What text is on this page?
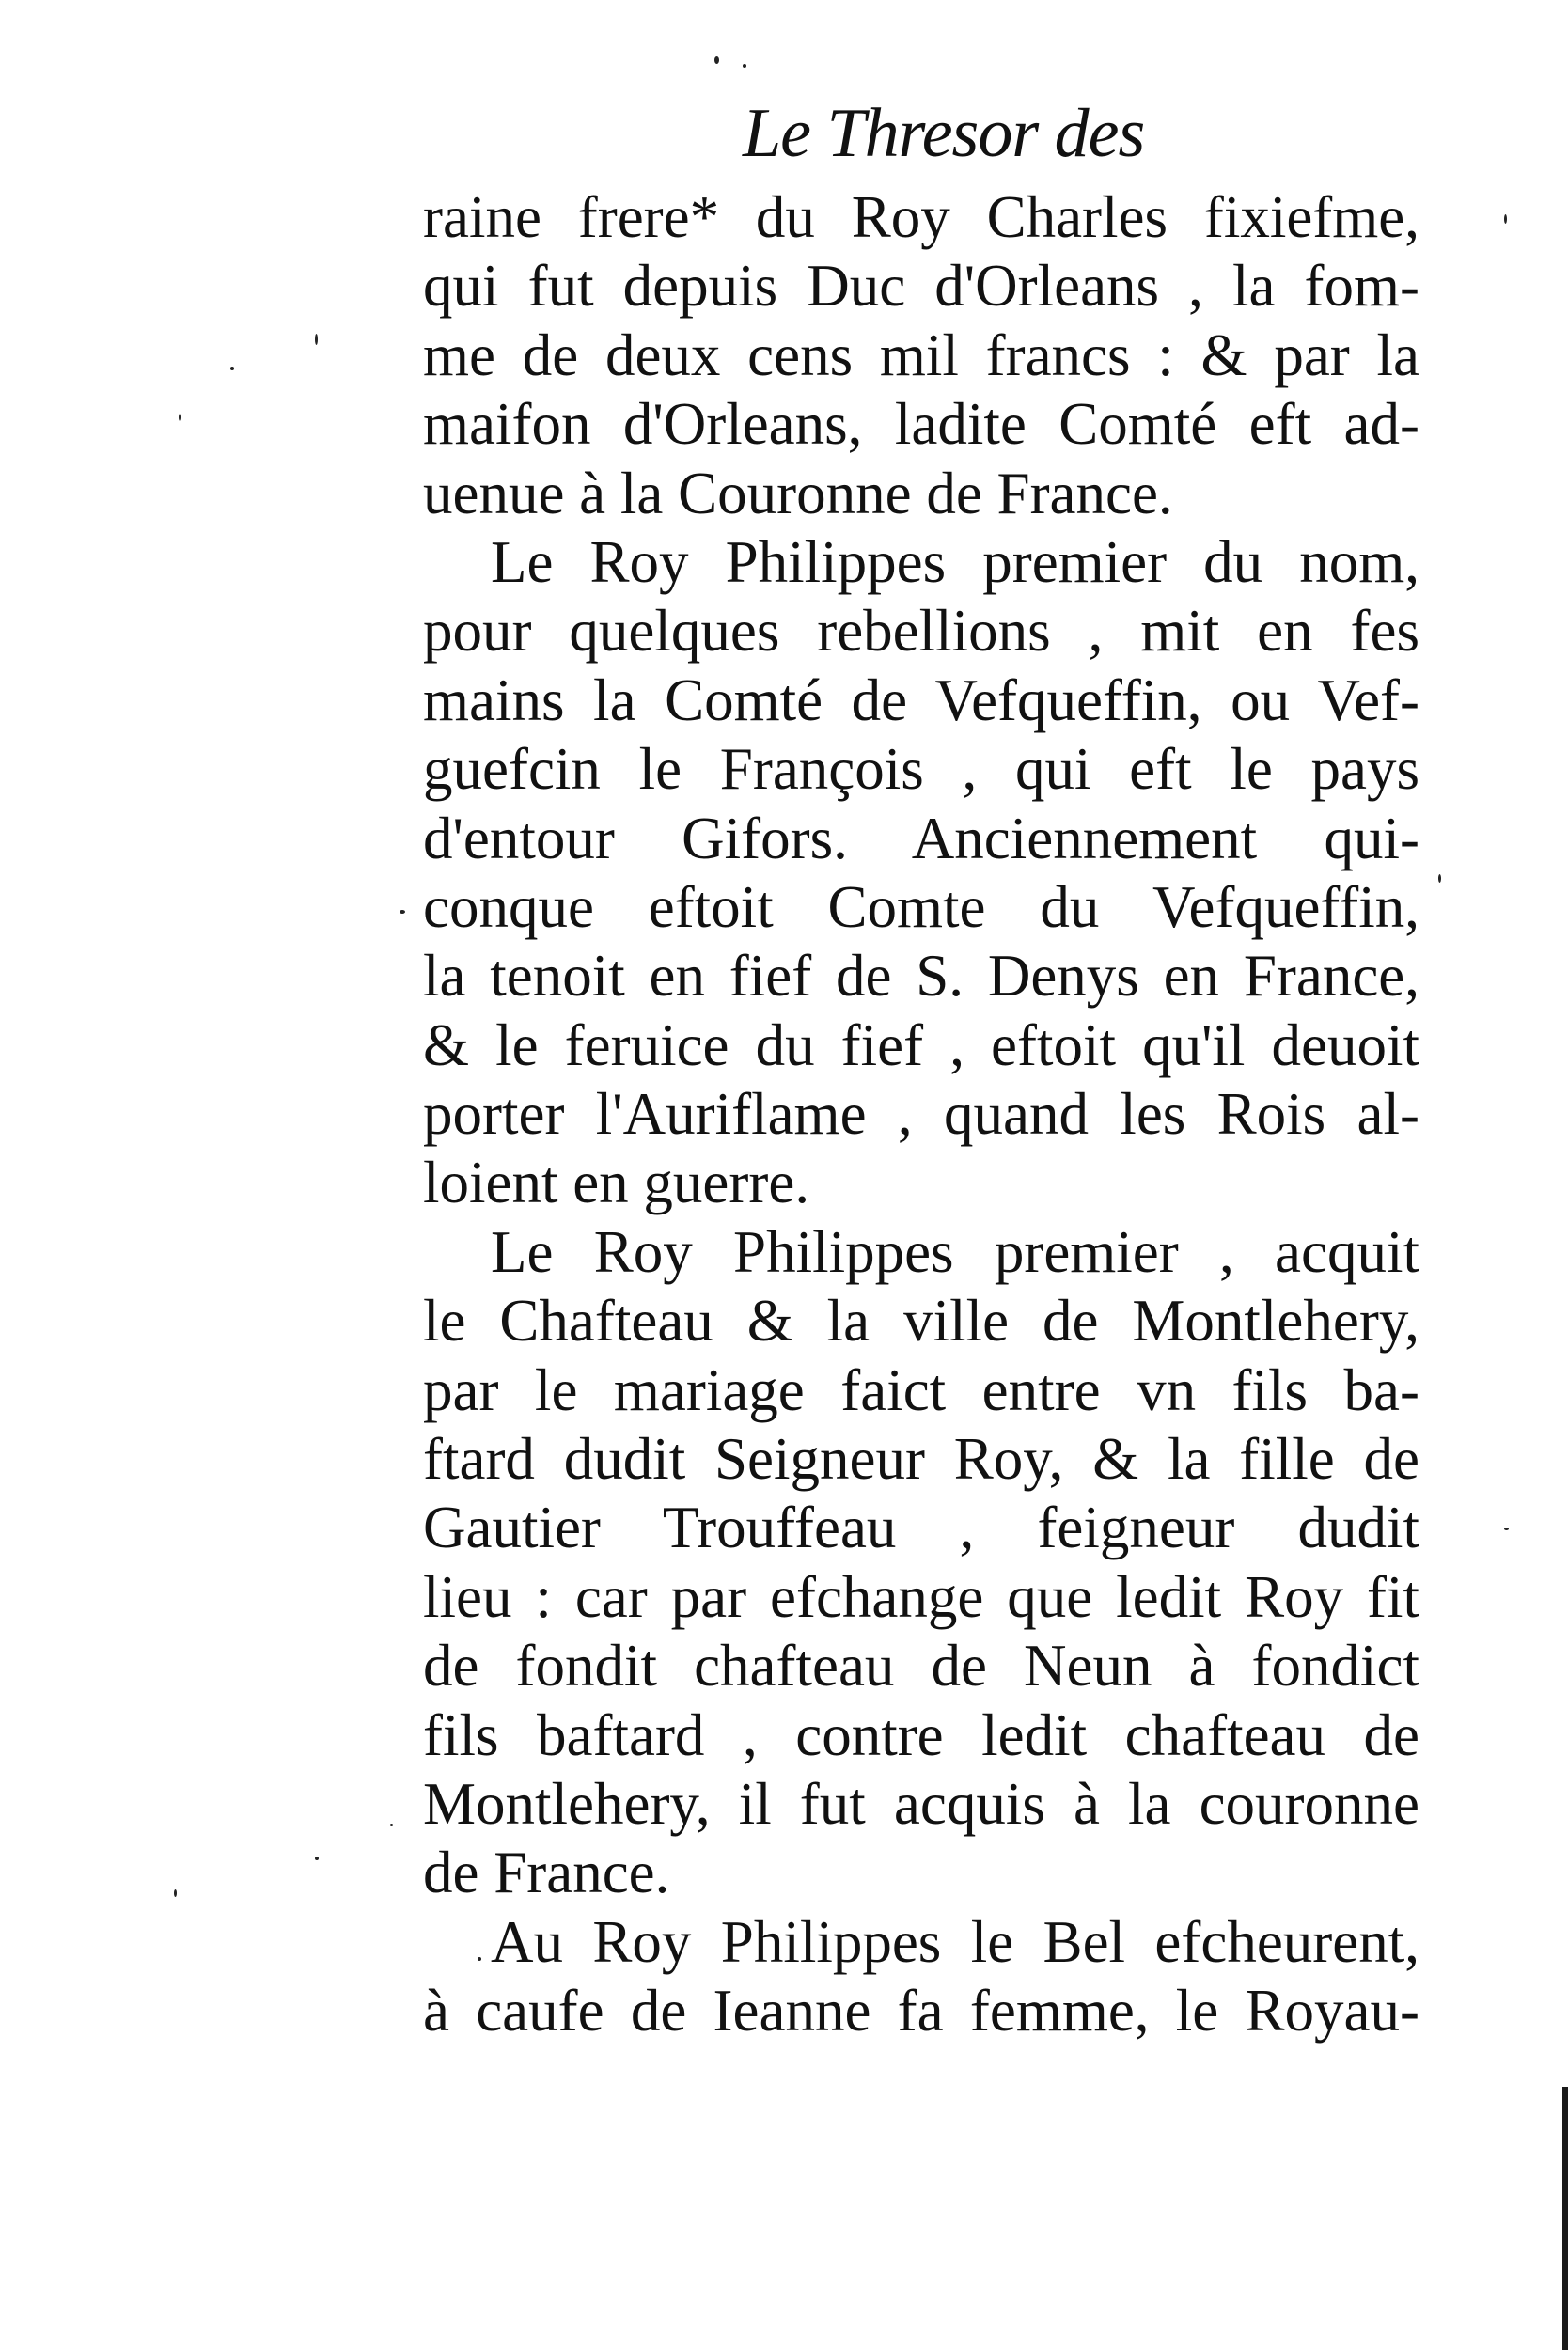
Le Thresor des
raine frere* du Roy Charles fixiefme,
qui fut depuis Duc d'Orleans , la fom-
me de deux cens mil francs : & par la
maifon d'Orleans, ladite Comté eft ad-
uenue à la Couronne de France.
Le Roy Philippes premier du nom,
pour quelques rebellions , mit en fes
mains la Comté de Vefqueffin, ou Vef-
guefcin le François , qui eft le pays
d'entour Gifors. Anciennement qui-
conque eftoit Comte du Vefqueffin,
la tenoit en fief de S. Denys en France,
& le feruice du fief , eftoit qu'il deuoit
porter l'Auriflame , quand les Rois al-
loient en guerre.
Le Roy Philippes premier , acquit
le Chafteau & la ville de Montlehery,
par le mariage faict entre vn fils ba-
ftard dudit Seigneur Roy, & la fille de
Gautier Trouffeau , feigneur dudit
lieu : car par efchange que ledit Roy fit
de fondit chafteau de Neun à fondict
fils baftard , contre ledit chafteau de
Montlehery, il fut acquis à la couronne
de France.
Au Roy Philippes le Bel efcheurent,
à caufe de Ieanne fa femme, le Royau-
